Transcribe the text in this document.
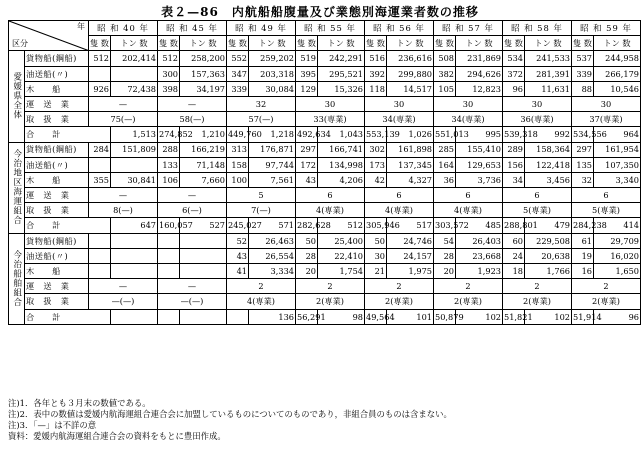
表２—86　内航船船腹量及び業態別海運業者数の推移
年
区分		昭 和 40 年		昭 和 45 年		昭 和 49 年		昭 和 55 年		昭 和 56 年		昭 和 57 年		昭 和 58 年		昭 和 59 年		
		隻 数	トン 数	隻 数	トン 数	隻 数	トン 数	隻 数	トン 数	隻 数	トン 数	隻 数	トン 数	隻 数	トン 数	隻 数	トン 数	
愛媛県全体	貨物船(鋼船)	512	202,414	512	258,200	552	259,202	519	242,291	516	236,616	508	231,869	534	241,533	537	244,958	
	油送船(〃)			300	157,363	347	203,318	395	295,521	392	299,880	382	294,626	372	281,391	339	266,179	
	木　　船	926	72,438	398	34,197	339	30,084	129	15,326	118	14,517	105	12,823	96	11,631	88	10,546	
	運　送　業	—		—		32		30		30		30		30		30		
	取　扱　業	75(—)		58(—)		57(—)		33(専業)		34(専業)		34(専業)		36(専業)		37(専業)		
	合　　計		1,513	274,852	1,210	449,760	1,218	492,634	1,043	553,139	1,026	551,013	995	539,318	992	534,556	964	
今治地区海運組合	貨物船(鋼船)	284	151,809	288	166,219	313	176,871	297	166,741	302	161,898	285	155,410	289	158,364	297	161,954	
	油送船(〃)			133	71,148	158	97,744	172	134,998	173	137,345	164	129,653	156	122,418	135	107,350	
	木　　船	355	30,841	106	7,660	100	7,561	43	4,206	42	4,327	36	3,736	34	3,456	32	3,340	
	運　送　業	—		—		5		6		6		6		6		6		
	取　扱　業	8(—)		6(—)		7(—)		4(専業)		4(専業)		4(専業)		5(専業)		5(専業)		
	合　　計		647	160,057	527	245,027	571	282,628	512	305,946	517	303,572	485	288,801	479	284,238	414	
今治船舶組合	貨物船(鋼船)					52	26,463	50	25,400	50	24,746	54	26,403	60	229,508	61	29,709	
	油送船(〃)					43	26,554	28	22,410	30	24,157	28	23,668	24	20,638	19	16,020	
	木　　船					41	3,334	20	1,754	21	1,975	20	1,923	18	1,766	16	1,650	
	運　送　業	—		—		2		2		2		2		2		2		
	取　扱　業	—(—)		—(—)		4(専業)		2(専業)		2(専業)		2(専業)		2(専業)		2(専業)		
	合　　計						136	56,291	98	49,564	101	50,879	102	51,821	102	51,914	96	
注)1．各年とも３月末の数値である。
注)2．表中の数値は愛媛内航海運組合連合会に加盟しているものについてのものであり，非組合員のものは含まない。
注)3．「—」は不詳の意
資料：愛媛内航海運組合連合会の資料をもとに豊田作成。
